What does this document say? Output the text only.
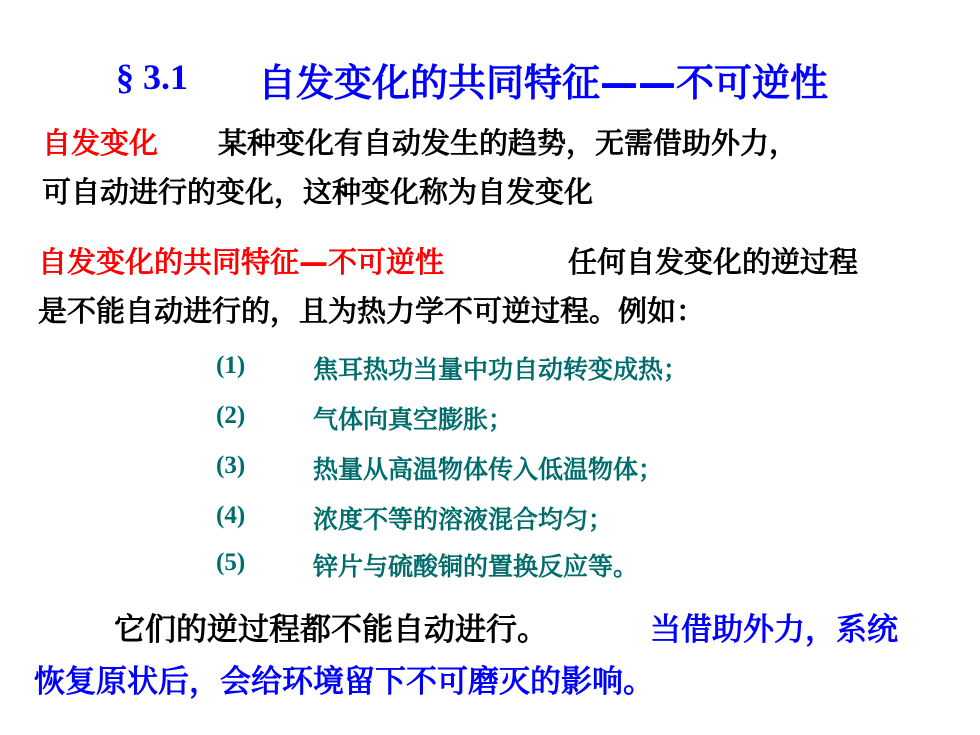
§ 3.1 自发变化的共同特征——不可逆性
自发变化 某种变化有自动发生的趋势，无需借助外力，
可自动进行的变化，这种变化称为自发变化
自发变化的共同特征—不可逆性	任何自发变化的逆过程
是不能自动进行的，且为热力学不可逆过程。例如：
(1)	焦耳热功当量中功自动转变成热；
(2)	气体向真空膨胀；
(3)	热量从高温物体传入低温物体；
(4)	浓度不等的溶液混合均匀；
(5)	锌片与硫酸铜的置换反应等。
它们的逆过程都不能自动进行。	当借助外力，系统
恢复原状后，会给环境留下不可磨灭的影响。
